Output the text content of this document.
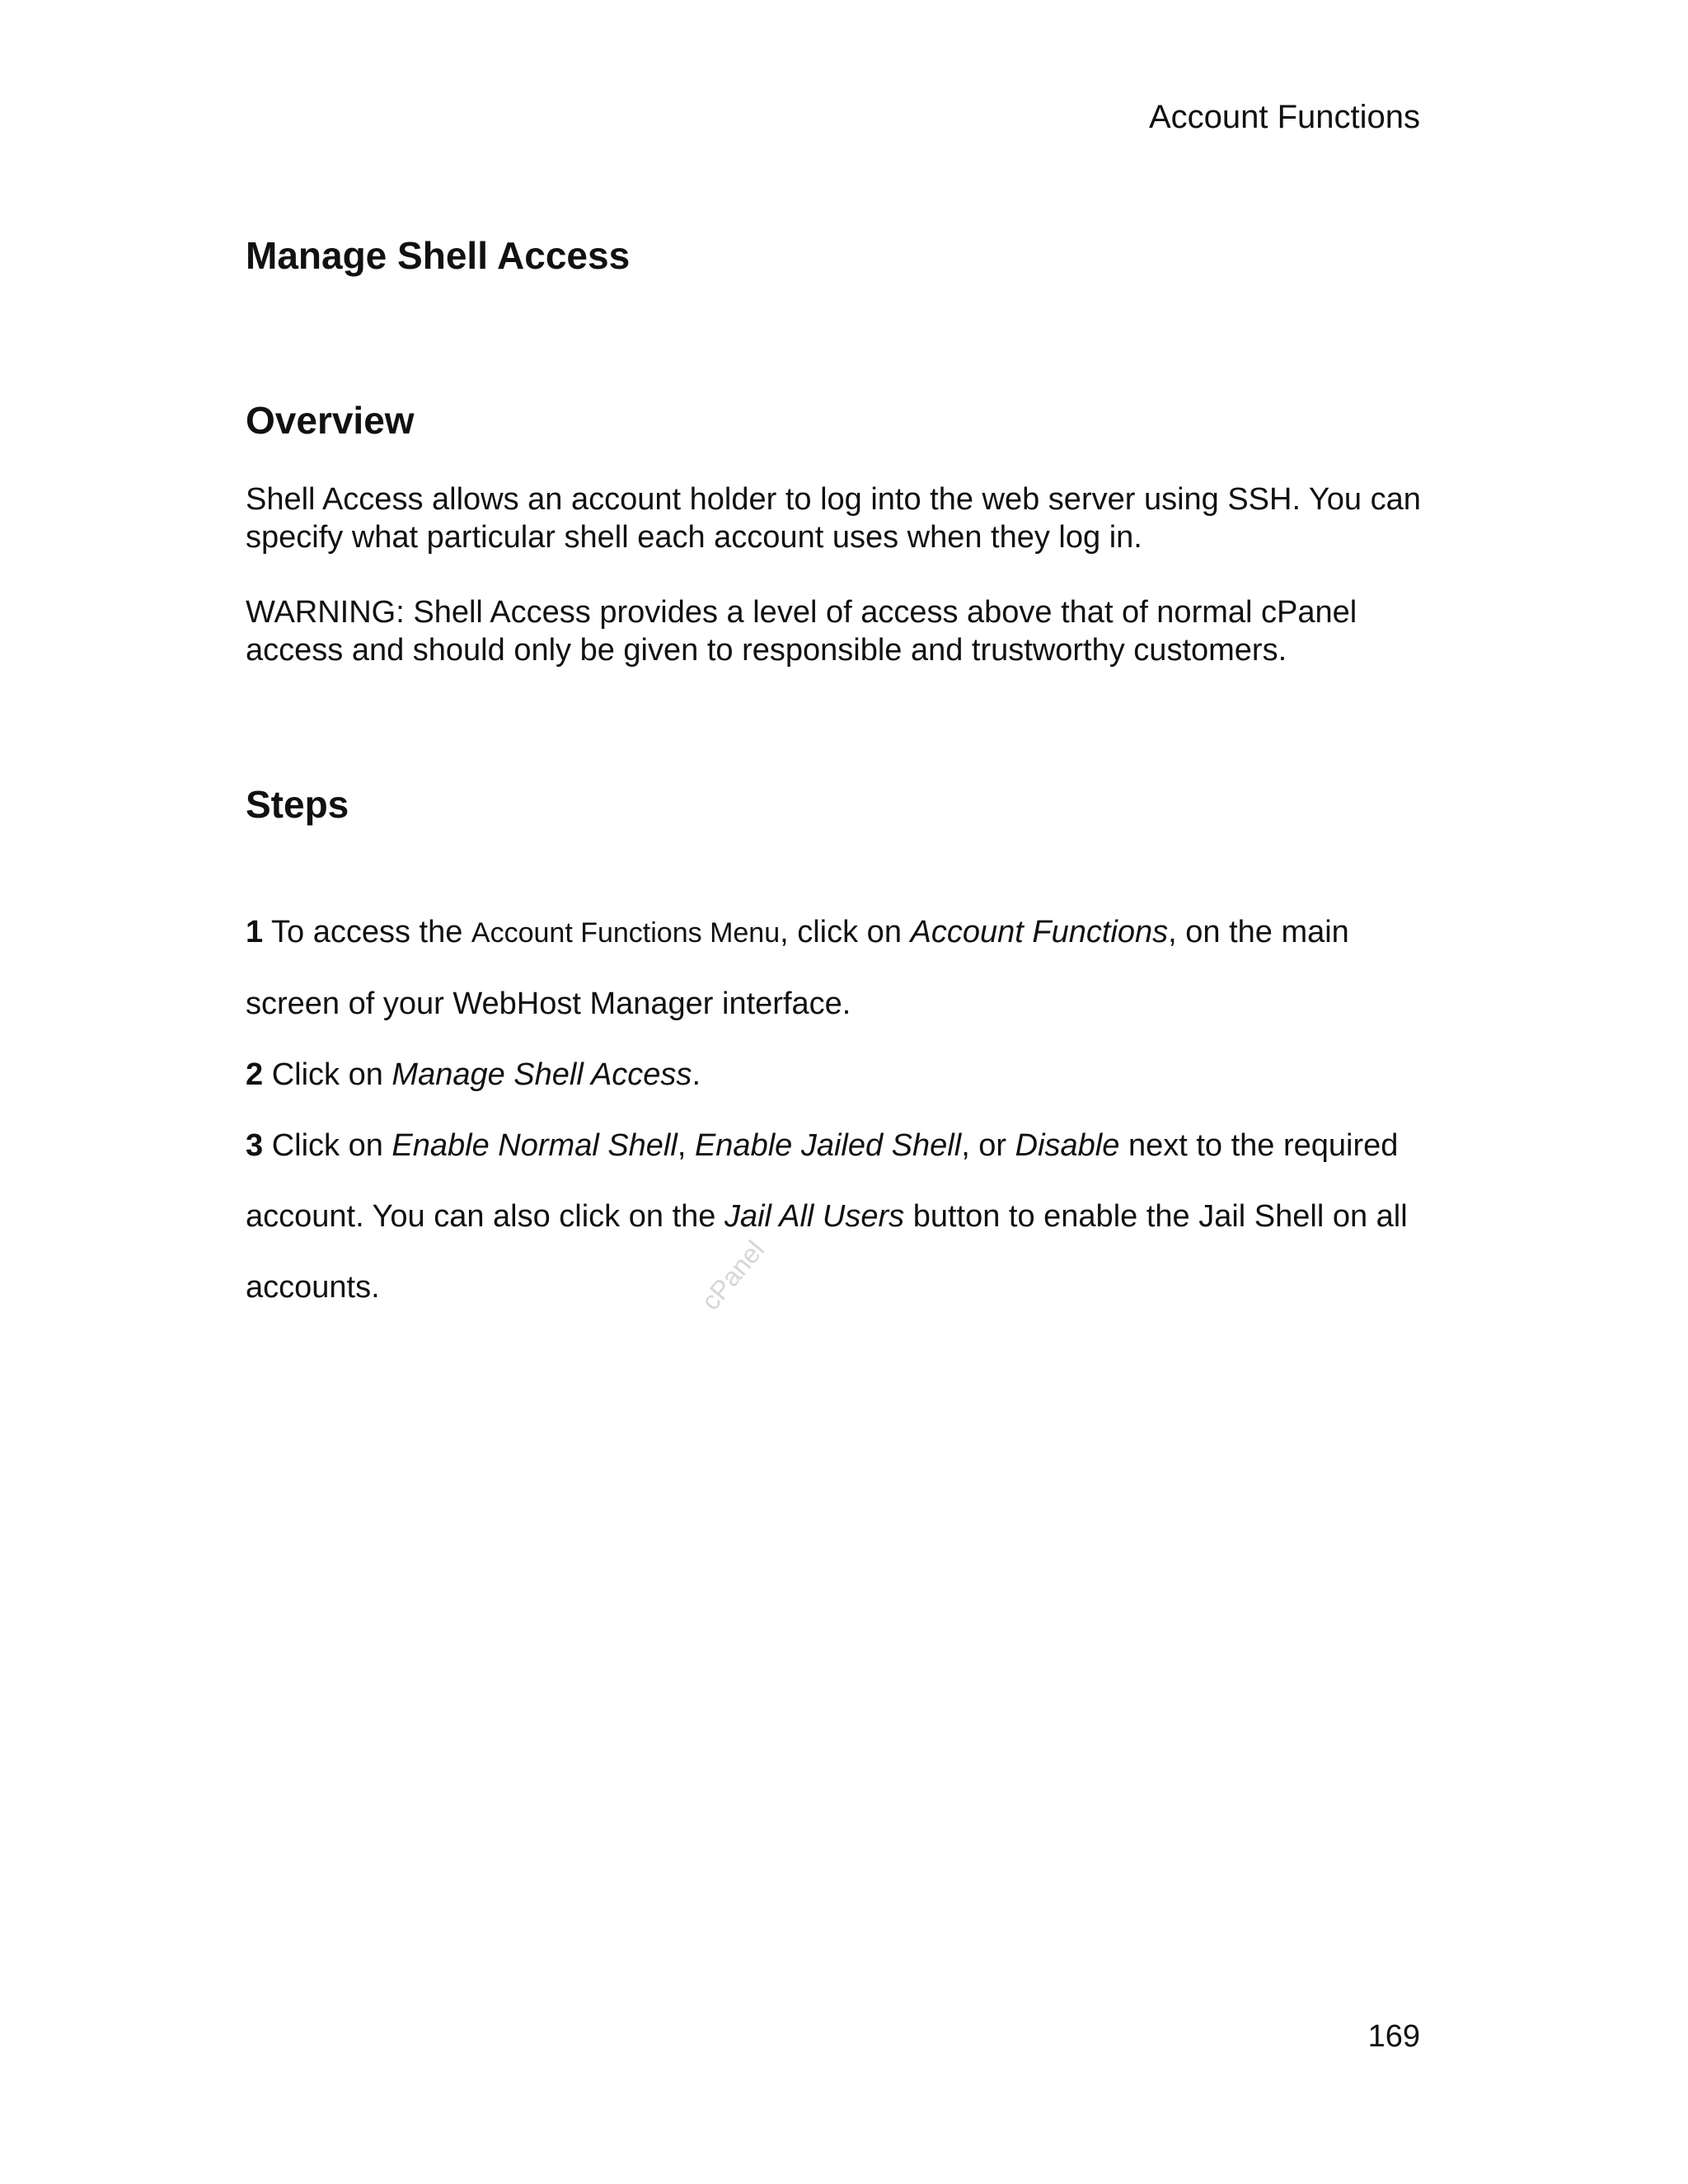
Account Functions
Manage Shell Access
Overview

Shell Access allows an account holder to log into the web server using SSH. You can specify what particular shell each account uses when they log in.

WARNING: Shell Access provides a level of access above that of normal cPanel access and should only be given to responsible and trustworthy customers.

Steps

1 To access the Account Functions Menu, click on Account Functions, on the main screen of your WebHost Manager interface.

2 Click on Manage Shell Access.

3 Click on Enable Normal Shell, Enable Jailed Shell, or Disable next to the required account. You can also click on the Jail All Users button to enable the Jail Shell on all accounts.	cPanel
169
